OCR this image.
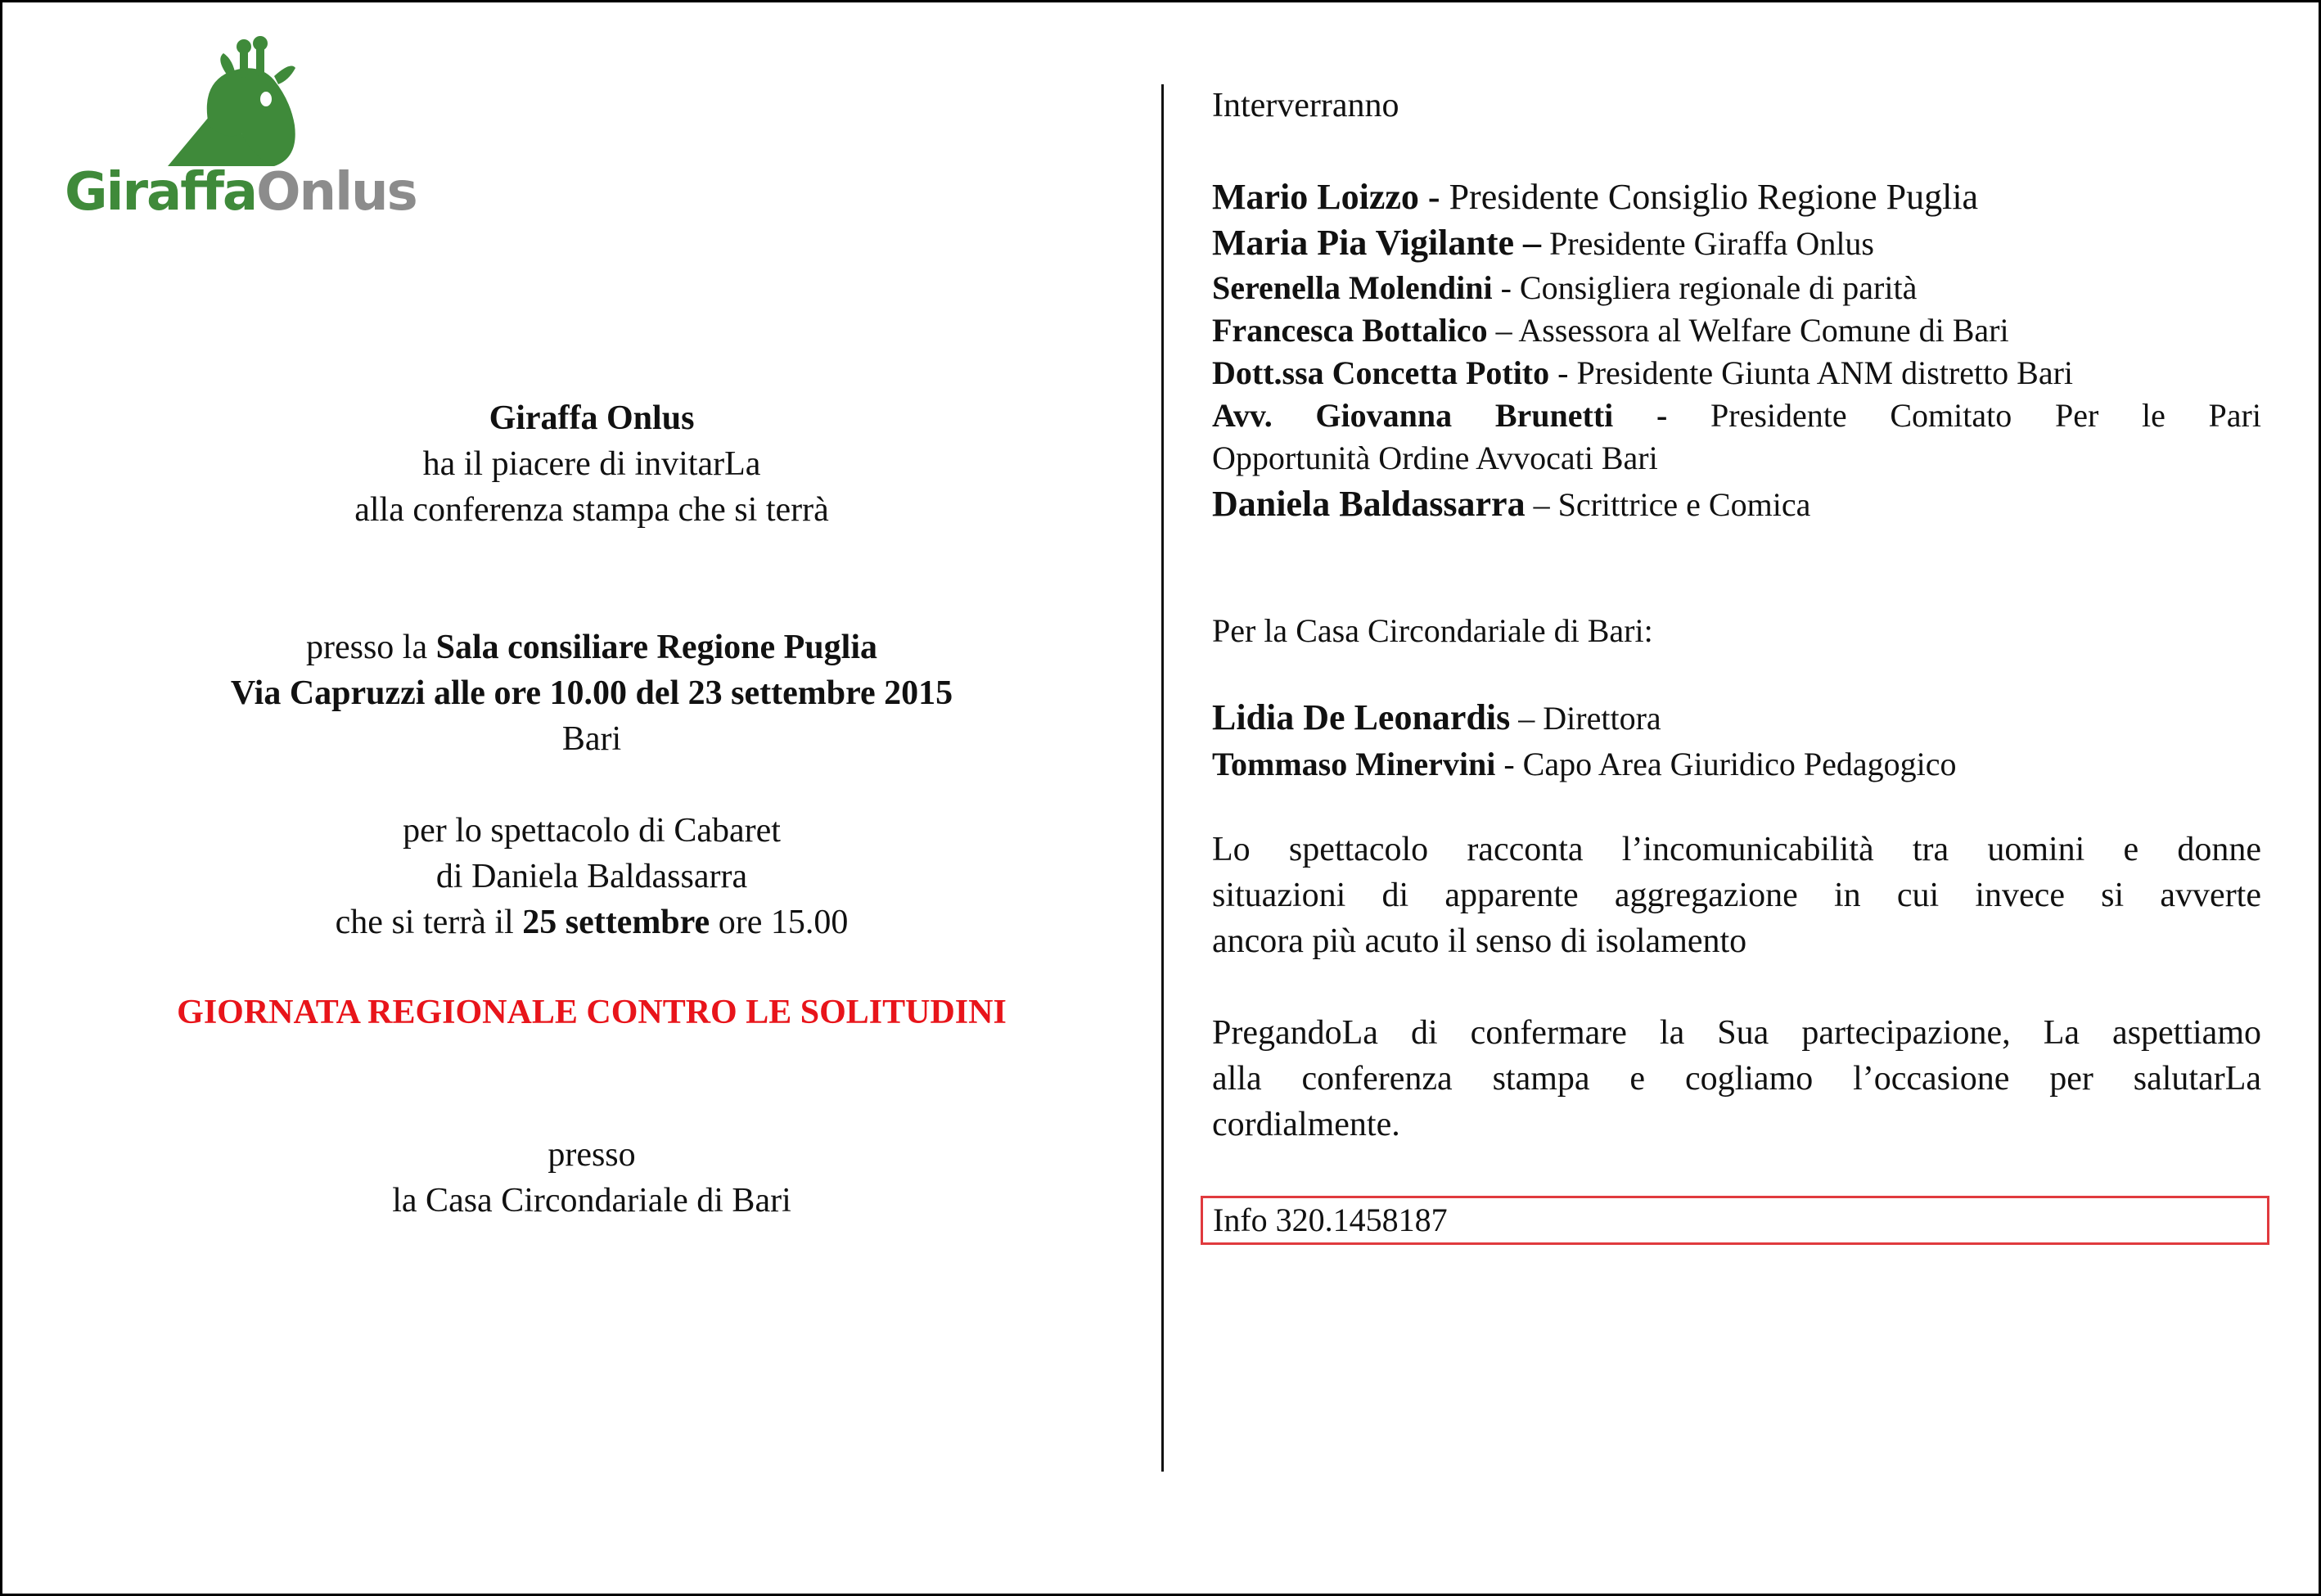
GiraffaOnlus
Giraffa Onlus
ha il piacere di invitarLa
alla conferenza stampa che si terrà
presso la Sala consiliare Regione Puglia
Via Capruzzi alle ore 10.00 del 23 settembre 2015
Bari
per lo spettacolo di Cabaret
di Daniela Baldassarra
che si terrà il 25 settembre ore 15.00
GIORNATA REGIONALE CONTRO LE SOLITUDINI
presso
la Casa Circondariale di Bari
Interverranno
Mario Loizzo - Presidente Consiglio Regione Puglia
Maria Pia Vigilante – Presidente Giraffa Onlus
Serenella Molendini - Consigliera regionale di parità
Francesca Bottalico – Assessora al Welfare Comune di Bari
Dott.ssa Concetta Potito - Presidente Giunta ANM distretto Bari
Avv. Giovanna Brunetti - Presidente Comitato Per le Pari
Opportunità Ordine Avvocati Bari
Daniela Baldassarra – Scrittrice e Comica
Per la Casa Circondariale di Bari:
Lidia De Leonardis – Direttora
Tommaso Minervini - Capo Area Giuridico Pedagogico
Lo spettacolo racconta l’incomunicabilità tra uomini e donne
situazioni di apparente aggregazione in cui invece si avverte
ancora più acuto il senso di isolamento
PregandoLa di confermare la Sua partecipazione, La aspettiamo
alla conferenza stampa e cogliamo l’occasione per salutarLa
cordialmente.
Info 320.1458187
